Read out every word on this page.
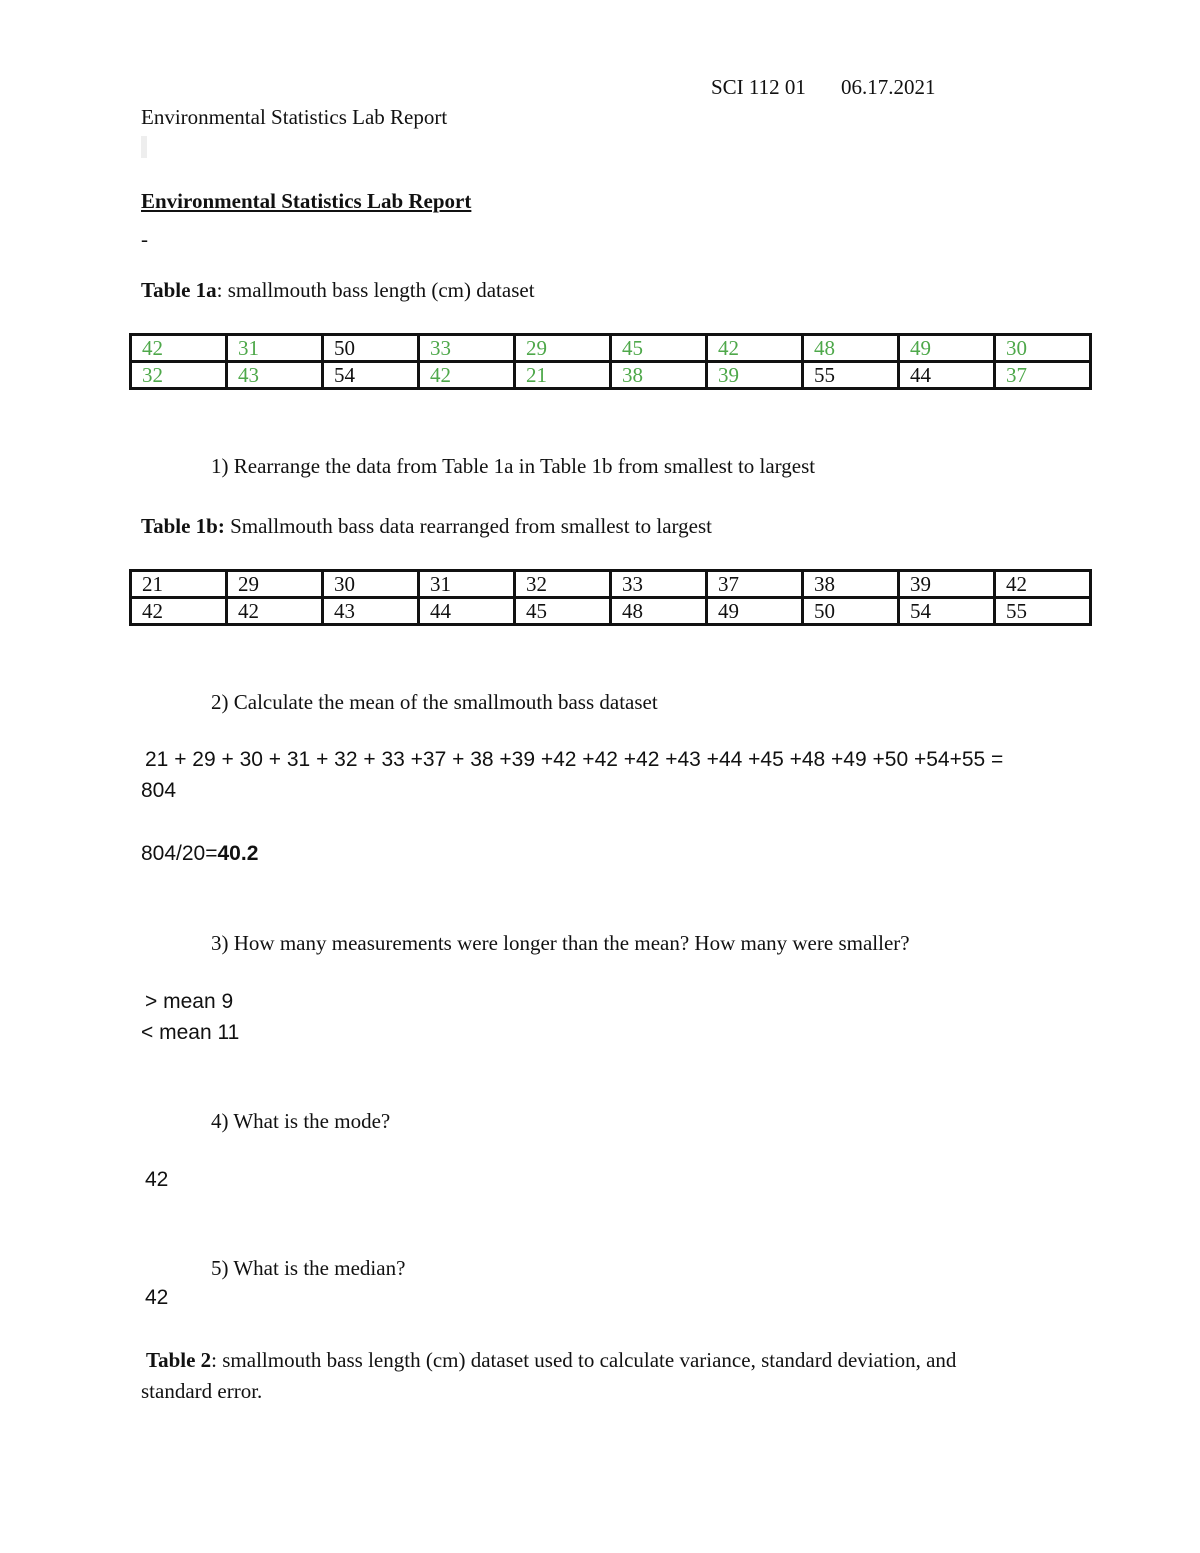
SCI 112 01 06.17.2021
Environmental Statistics Lab Report
Environmental Statistics Lab Report
-
Table 1a: smallmouth bass length (cm) dataset
42	31	50	33	29	45	42	48	49	30
32	43	54	42	21	38	39	55	44	37
1) Rearrange the data from Table 1a in Table 1b from smallest to largest
Table 1b: Smallmouth bass data rearranged from smallest to largest
21	29	30	31	32	33	37	38	39	42
42	42	43	44	45	48	49	50	54	55
2) Calculate the mean of the smallmouth bass dataset
21 + 29 + 30 + 31 + 32 + 33 +37 + 38 +39 +42 +42 +42 +43 +44 +45 +48 +49 +50 +54+55 =
804
804/20=40.2
3) How many measurements were longer than the mean? How many were smaller?
> mean 9
< mean 11
4) What is the mode?
42
5) What is the median?
42
Table 2: smallmouth bass length (cm) dataset used to calculate variance, standard deviation, and
standard error.
